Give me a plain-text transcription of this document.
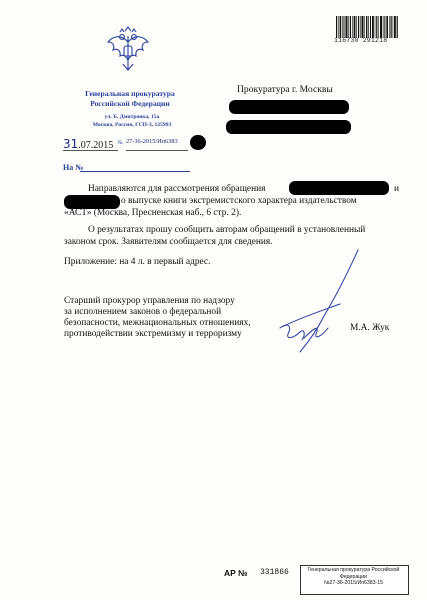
116730 291218
Генеральная прокуратура
Российской Федерации
ул. Б. Дмитровка, 15а
Москва, Россия, ГСП-3, 125993
31.07.2015 № 27-36-2015/Ип6383
На №
Прокуратура г. Москвы
Направляются для рассмотрения обращения	и
о выпуске книги экстремистского характера издательством
«АСТ» (Москва, Пресненская наб., 6 стр. 2).
О результатах прошу сообщить авторам обращений в установленный
законом срок. Заявителям сообщается для сведения.
Приложение: на 4 л. в первый адрес.
Старший прокурор управления по надзору
за исполнением законов о федеральной
безопасности, межнациональных отношениях,
противодействии экстремизму и терроризму
М.А. Жук
АР № 331866	Генеральная прокуратура Российской
Федерации
№27-36-2015/Ип6383-15
